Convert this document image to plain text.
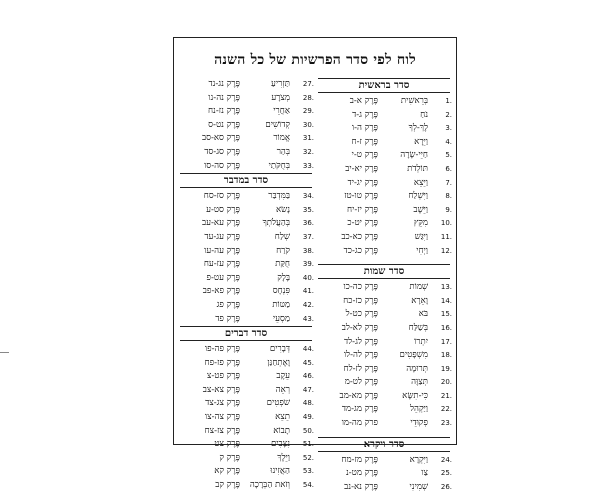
לוח לפי סדר הפרשיות של כל השנה
סדר בראשית
1.
בְּרֵאשִׁית
פֶּרֶק א-ב
2.
נֹחַ
פֶּרֶק ג-ד
3.
לֶךְ-לְךָ
פֶּרֶק ה-ו
4.
וַיֵּרָא
פֶּרֶק ז-ח
5.
חַיֵּי-שָׂרָה
פֶּרֶק ט-י
6.
תּוֹלְדֹת
פֶּרֶק יא-יב
7.
וַיֵּצֵא
פֶּרֶק יג-יד
8.
וַיִּשְׁלַח
פֶּרֶק טו-טז
9.
וַיֵּשֶׁב
פֶּרֶק יז-יח
10.
מִקֵּץ
פֶּרֶק יט-כ
11.
וַיִּגַּשׁ
פֶּרֶק כא-כב
12.
וַיְחִי
פֶּרֶק כג-כד
סדר שמות
13.
שְׁמוֹת
פֶּרֶק כה-כו
14.
וָאֵרָא
פֶּרֶק כז-כח
15.
בֹּא
פֶּרֶק כט-ל
16.
בְּשַׁלַּח
פֶּרֶק לא-לב
17.
יִתְרוֹ
פֶּרֶק לג-לד
18.
מִשְׁפָּטִים
פֶּרֶק לה-לו
19.
תְּרוּמָה
פֶּרֶק לז-לח
20.
תְּצַוֶּה
פֶּרֶק לט-מ
21.
כִּי-תִשָּׂא
פֶּרֶק מא-מב
22.
וַיַּקְהֵל
פֶּרֶק מג-מד
23.
פְקוּדֵי
פרק מה-מו
סדר ויקרא
24.
וַיִּקְרָא
פֶּרֶק מז-מח
25.
צַו
פֶּרֶק מט-נ
26.
שְׁמִינִי
פֶּרֶק נא-נב
27.
תַּזְרִיעַ
פֶּרֶק נג-נד
28.
מְצֹרָע
פֶּרֶק נה-נו
29.
אַחֲרֵי
פֶּרֶק נז-נח
30.
קְדוֹשִׁים
פֶּרֶק נט-ס
31.
אֱמוֹר
פֶּרֶק סא-סב
32.
בְּהַר
פֶּרֶק סג-סד
33.
בְּחֻקֹּתַי
פֶּרֶק סה-סו
סדר במדבר
34.
בַּמִּדְבַּר
פֶּרֶק סז-סח
35.
נָשֹׂא
פֶּרֶק סט-ע
36.
בְּהַעֲלֹתְךָ
פֶּרֶק עא-עב
37.
שְׁלַח
פֶּרֶק עג-עד
38.
קֹרַח
פֶּרֶק עה-עו
39.
חֻקַּת
פֶּרֶק עז-עח
40.
בָּלָק
פֶּרֶק עט-פ
41.
פִּנְחָס
פֶּרֶק פא-פב
42.
מַטּוֹת
פֶּרֶק פג
43.
מַסְעֵי
פֶּרֶק פד
סדר דברים
44.
דְּבָרִים
פֶּרֶק פה-פו
45.
וָאֶתְחַנַּן
פֶּרֶק פז-פח
46.
עֵקֶב
פֶּרֶק פט-צ
47.
רְאֵה
פֶּרֶק צא-צב
48.
שֹׁפְטִים
פֶּרֶק צג-צד
49.
תֵצֵא
פֶּרֶק צה-צו
50.
תָבוֹא
פֶּרֶק צז-צח
51.
נִצָּבִים
פֶּרֶק צט
52.
וַיֵּלֶךְ
פֶּרֶק ק
53.
הַאֲזִינוּ
פֶּרֶק קא
54.
וְזֹאת הַבְּרָכָה
פֶּרֶק קב
